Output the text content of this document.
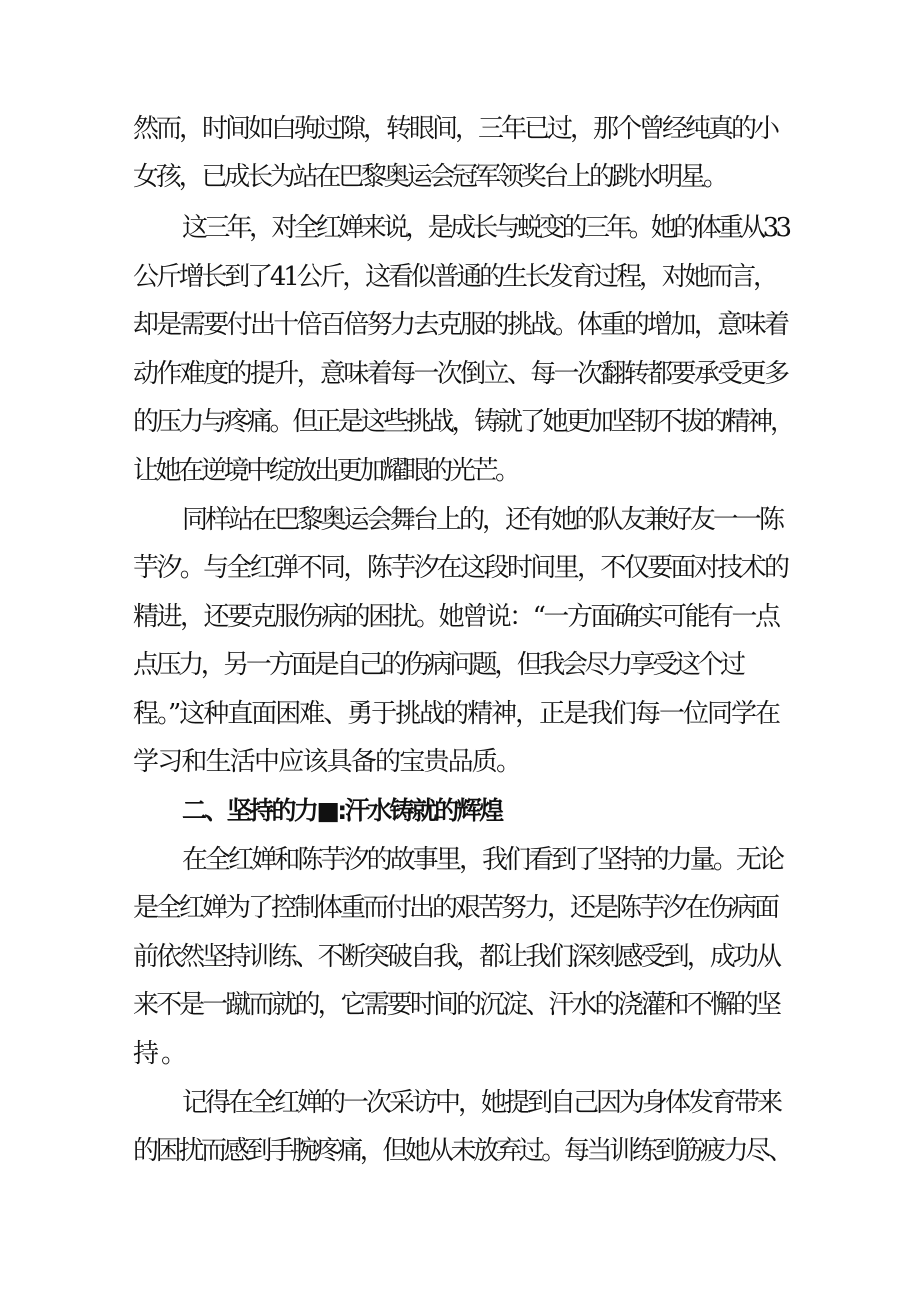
然而，时间如白驹过隙，转眼间，三年已过，那个曾经纯真的小
女孩，已成长为站在巴黎奥运会冠军领奖台上的跳水明星。
这三年，对全红婵来说，是成长与蜕变的三年。她的体重从33
公斤增长到了41公斤，这看似普通的生长发育过程，对她而言，
却是需要付出十倍百倍努力去克服的挑战。体重的增加，意味着
动作难度的提升，意味着每一次倒立、每一次翻转都要承受更多
的压力与疼痛。但正是这些挑战，铸就了她更加坚韧不拔的精神，
让她在逆境中绽放出更加耀眼的光芒。
同样站在巴黎奥运会舞台上的，还有她的队友兼好友一一陈
芋汐。与全红弹不同，陈芋汐在这段时间里，不仅要面对技术的
精进，还要克服伤病的困扰。她曾说：“一方面确实可能有一点
点压力，另一方面是自己的伤病问题，但我会尽力享受这个过
程。”这种直面困难、勇于挑战的精神，正是我们每一位同学在
学习和生活中应该具备的宝贵品质。
二、坚持的力■:汗水铸就的辉煌
在全红婵和陈芋汐的故事里，我们看到了坚持的力量。无论
是全红婵为了控制体重而付出的艰苦努力，还是陈芋汐在伤病面
前依然坚持训练、不断突破自我，都让我们深刻感受到，成功从
来不是一蹴而就的，它需要时间的沉淀、汗水的浇灌和不懈的坚
持。
记得在全红婵的一次采访中，她提到自己因为身体发育带来
的困扰而感到手腕疼痛，但她从未放弃过。每当训练到筋疲力尽、
